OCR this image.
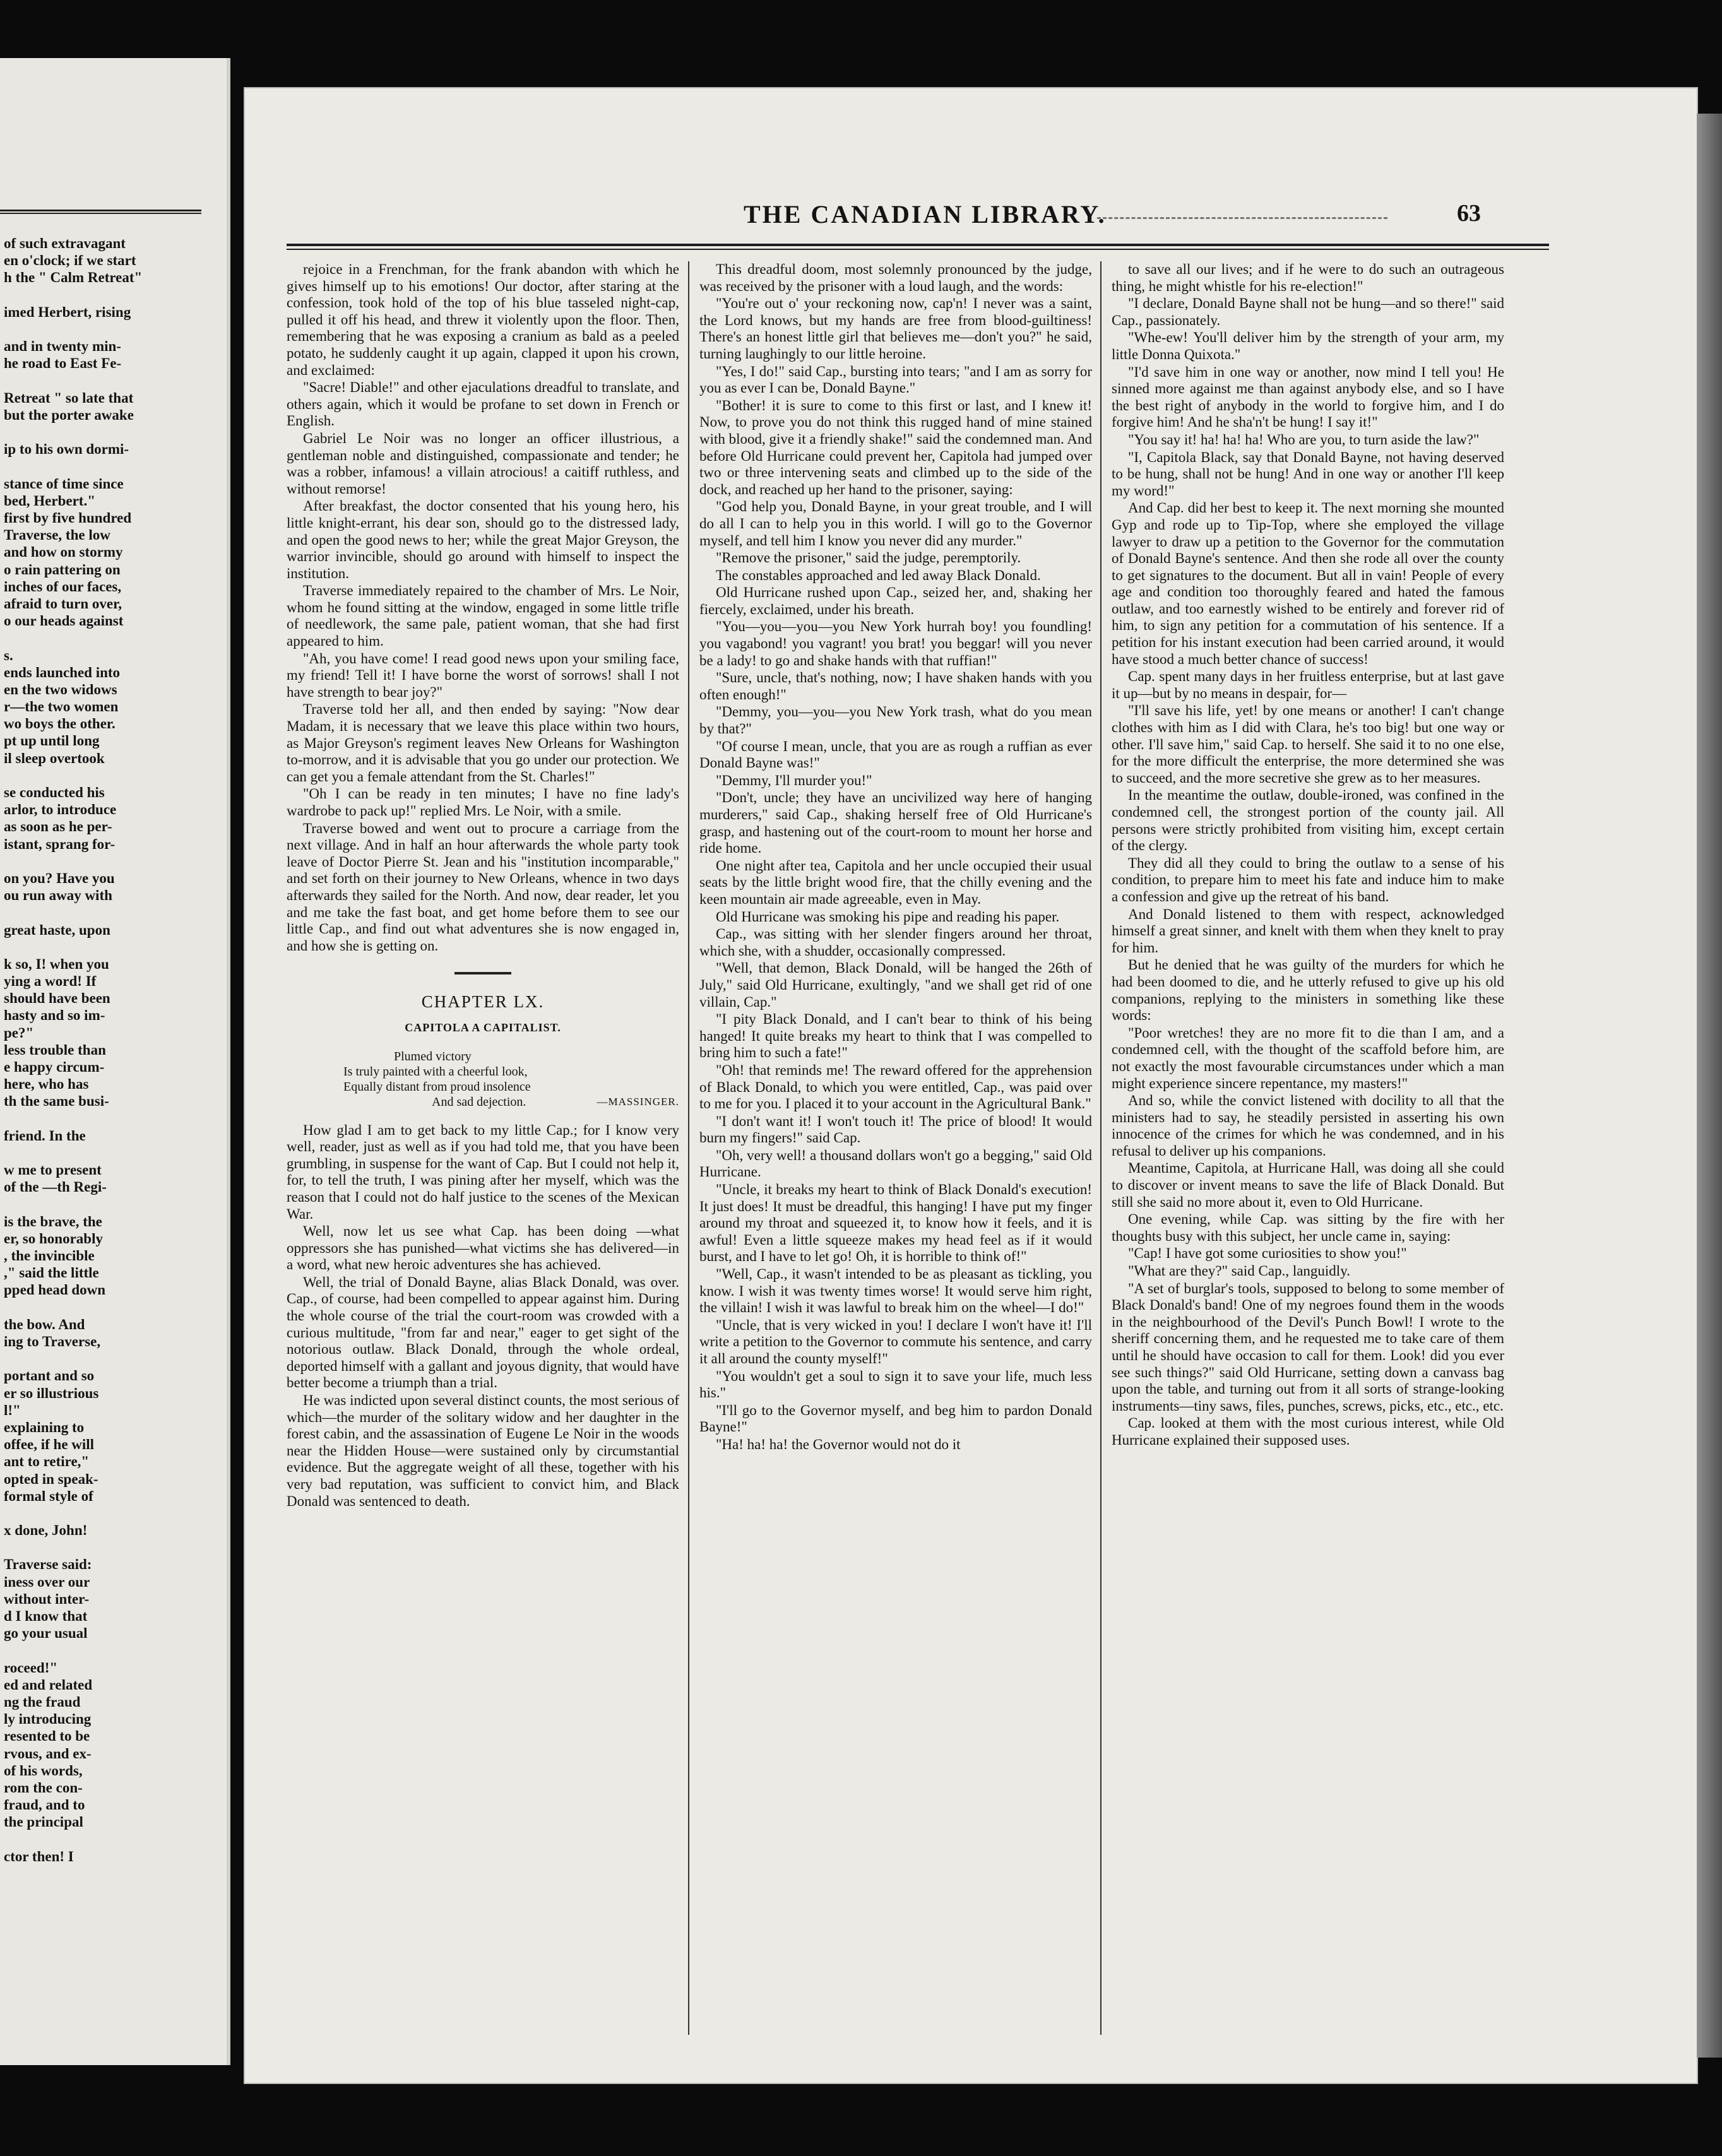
of such extravagant
en o'clock; if we start
h the " Calm Retreat"
imed Herbert, rising
and in twenty min-
he road to East Fe-
Retreat " so late that
but the porter awake
ip to his own dormi-
stance of time since
bed, Herbert."
first by five hundred
Traverse, the low
and how on stormy
o rain pattering on
inches of our faces,
afraid to turn over,
o our heads against
s.
ends launched into
en the two widows
r—the two women
wo boys the other.
pt up until long
il sleep overtook
se conducted his
arlor, to introduce
as soon as he per-
istant, sprang for-
on you? Have you
ou run away with
great haste, upon
k so, I! when you
ying a word! If
should have been
hasty and so im-
pe?"
less trouble than
e happy circum-
here, who has
th the same busi-
friend. In the
w me to present
of the —th Regi-
is the brave, the
er, so honorably
, the invincible
," said the little
pped head down
the bow. And
ing to Traverse,
portant and so
er so illustrious
l!"
explaining to
offee, if he will
ant to retire,"
opted in speak-
formal style of
x done, John!
Traverse said:
iness over our
without inter-
d I know that
go your usual
roceed!"
ed and related
ng the fraud
ly introducing
resented to be
rvous, and ex-
of his words,
rom the con-
fraud, and to
the principal
ctor then! I
THE CANADIAN LIBRARY.	63
rejoice in a Frenchman, for the frank abandon with which he gives himself up to his emotions! Our doctor, after staring at the confession, took hold of the top of his blue tasseled night-cap, pulled it off his head, and threw it violently upon the floor. Then, remembering that he was exposing a cranium as bald as a peeled potato, he suddenly caught it up again, clapped it upon his crown, and exclaimed:
"Sacre! Diable!" and other ejaculations dreadful to translate, and others again, which it would be profane to set down in French or English.
Gabriel Le Noir was no longer an officer illustrious, a gentleman noble and distinguished, compassionate and tender; he was a robber, infamous! a villain atrocious! a caitiff ruthless, and without remorse!
After breakfast, the doctor consented that his young hero, his little knight-errant, his dear son, should go to the distressed lady, and open the good news to her; while the great Major Greyson, the warrior invincible, should go around with himself to inspect the institution.
Traverse immediately repaired to the chamber of Mrs. Le Noir, whom he found sitting at the window, engaged in some little trifle of needlework, the same pale, patient woman, that she had first appeared to him.
"Ah, you have come! I read good news upon your smiling face, my friend! Tell it! I have borne the worst of sorrows! shall I not have strength to bear joy?"
Traverse told her all, and then ended by saying: "Now dear Madam, it is necessary that we leave this place within two hours, as Major Greyson's regiment leaves New Orleans for Washington to-morrow, and it is advisable that you go under our protection. We can get you a female attendant from the St. Charles!"
"Oh I can be ready in ten minutes; I have no fine lady's wardrobe to pack up!" replied Mrs. Le Noir, with a smile.
Traverse bowed and went out to procure a carriage from the next village. And in half an hour afterwards the whole party took leave of Doctor Pierre St. Jean and his "institution incomparable," and set forth on their journey to New Orleans, whence in two days afterwards they sailed for the North. And now, dear reader, let you and me take the fast boat, and get home before them to see our little Cap., and find out what adventures she is now engaged in, and how she is getting on.
CHAPTER LX.
CAPITOLA A CAPITALIST.
Plumed victory
Is truly painted with a cheerful look,
Equally distant from proud insolence
And sad dejection.	—MASSINGER.
How glad I am to get back to my little Cap.; for I know very well, reader, just as well as if you had told me, that you have been grumbling, in suspense for the want of Cap. But I could not help it, for, to tell the truth, I was pining after her myself, which was the reason that I could not do half justice to the scenes of the Mexican War.
Well, now let us see what Cap. has been doing —what oppressors she has punished—what victims she has delivered—in a word, what new heroic adventures she has achieved.
Well, the trial of Donald Bayne, alias Black Donald, was over. Cap., of course, had been compelled to appear against him. During the whole course of the trial the court-room was crowded with a curious multitude, "from far and near," eager to get sight of the notorious outlaw. Black Donald, through the whole ordeal, deported himself with a gallant and joyous dignity, that would have better become a triumph than a trial.
He was indicted upon several distinct counts, the most serious of which—the murder of the solitary widow and her daughter in the forest cabin, and the assassination of Eugene Le Noir in the woods near the Hidden House—were sustained only by circumstantial evidence. But the aggregate weight of all these, together with his very bad reputation, was sufficient to convict him, and Black Donald was sentenced to death.
This dreadful doom, most solemnly pronounced by the judge, was received by the prisoner with a loud laugh, and the words:
"You're out o' your reckoning now, cap'n! I never was a saint, the Lord knows, but my hands are free from blood-guiltiness! There's an honest little girl that believes me—don't you?" he said, turning laughingly to our little heroine.
"Yes, I do!" said Cap., bursting into tears; "and I am as sorry for you as ever I can be, Donald Bayne."
"Bother! it is sure to come to this first or last, and I knew it! Now, to prove you do not think this rugged hand of mine stained with blood, give it a friendly shake!" said the condemned man. And before Old Hurricane could prevent her, Capitola had jumped over two or three intervening seats and climbed up to the side of the dock, and reached up her hand to the prisoner, saying:
"God help you, Donald Bayne, in your great trouble, and I will do all I can to help you in this world. I will go to the Governor myself, and tell him I know you never did any murder."
"Remove the prisoner," said the judge, peremptorily.
The constables approached and led away Black Donald.
Old Hurricane rushed upon Cap., seized her, and, shaking her fiercely, exclaimed, under his breath.
"You—you—you—you New York hurrah boy! you foundling! you vagabond! you vagrant! you brat! you beggar! will you never be a lady! to go and shake hands with that ruffian!"
"Sure, uncle, that's nothing, now; I have shaken hands with you often enough!"
"Demmy, you—you—you New York trash, what do you mean by that?"
"Of course I mean, uncle, that you are as rough a ruffian as ever Donald Bayne was!"
"Demmy, I'll murder you!"
"Don't, uncle; they have an uncivilized way here of hanging murderers," said Cap., shaking herself free of Old Hurricane's grasp, and hastening out of the court-room to mount her horse and ride home.
One night after tea, Capitola and her uncle occupied their usual seats by the little bright wood fire, that the chilly evening and the keen mountain air made agreeable, even in May.
Old Hurricane was smoking his pipe and reading his paper.
Cap., was sitting with her slender fingers around her throat, which she, with a shudder, occasionally compressed.
"Well, that demon, Black Donald, will be hanged the 26th of July," said Old Hurricane, exultingly, "and we shall get rid of one villain, Cap."
"I pity Black Donald, and I can't bear to think of his being hanged! It quite breaks my heart to think that I was compelled to bring him to such a fate!"
"Oh! that reminds me! The reward offered for the apprehension of Black Donald, to which you were entitled, Cap., was paid over to me for you. I placed it to your account in the Agricultural Bank."
"I don't want it! I won't touch it! The price of blood! It would burn my fingers!" said Cap.
"Oh, very well! a thousand dollars won't go a begging," said Old Hurricane.
"Uncle, it breaks my heart to think of Black Donald's execution! It just does! It must be dreadful, this hanging! I have put my finger around my throat and squeezed it, to know how it feels, and it is awful! Even a little squeeze makes my head feel as if it would burst, and I have to let go! Oh, it is horrible to think of!"
"Well, Cap., it wasn't intended to be as pleasant as tickling, you know. I wish it was twenty times worse! It would serve him right, the villain! I wish it was lawful to break him on the wheel—I do!"
"Uncle, that is very wicked in you! I declare I won't have it! I'll write a petition to the Governor to commute his sentence, and carry it all around the county myself!"
"You wouldn't get a soul to sign it to save your life, much less his."
"I'll go to the Governor myself, and beg him to pardon Donald Bayne!"
"Ha! ha! ha! the Governor would not do it
to save all our lives; and if he were to do such an outrageous thing, he might whistle for his re-election!"
"I declare, Donald Bayne shall not be hung—and so there!" said Cap., passionately.
"Whe-ew! You'll deliver him by the strength of your arm, my little Donna Quixota."
"I'd save him in one way or another, now mind I tell you! He sinned more against me than against anybody else, and so I have the best right of anybody in the world to forgive him, and I do forgive him! And he sha'n't be hung! I say it!"
"You say it! ha! ha! ha! Who are you, to turn aside the law?"
"I, Capitola Black, say that Donald Bayne, not having deserved to be hung, shall not be hung! And in one way or another I'll keep my word!"
And Cap. did her best to keep it. The next morning she mounted Gyp and rode up to Tip-Top, where she employed the village lawyer to draw up a petition to the Governor for the commutation of Donald Bayne's sentence. And then she rode all over the county to get signatures to the document. But all in vain! People of every age and condition too thoroughly feared and hated the famous outlaw, and too earnestly wished to be entirely and forever rid of him, to sign any petition for a commutation of his sentence. If a petition for his instant execution had been carried around, it would have stood a much better chance of success!
Cap. spent many days in her fruitless enterprise, but at last gave it up—but by no means in despair, for—
"I'll save his life, yet! by one means or another! I can't change clothes with him as I did with Clara, he's too big! but one way or other. I'll save him," said Cap. to herself. She said it to no one else, for the more difficult the enterprise, the more determined she was to succeed, and the more secretive she grew as to her measures.
In the meantime the outlaw, double-ironed, was confined in the condemned cell, the strongest portion of the county jail. All persons were strictly prohibited from visiting him, except certain of the clergy.
They did all they could to bring the outlaw to a sense of his condition, to prepare him to meet his fate and induce him to make a confession and give up the retreat of his band.
And Donald listened to them with respect, acknowledged himself a great sinner, and knelt with them when they knelt to pray for him.
But he denied that he was guilty of the murders for which he had been doomed to die, and he utterly refused to give up his old companions, replying to the ministers in something like these words:
"Poor wretches! they are no more fit to die than I am, and a condemned cell, with the thought of the scaffold before him, are not exactly the most favourable circumstances under which a man might experience sincere repentance, my masters!"
And so, while the convict listened with docility to all that the ministers had to say, he steadily persisted in asserting his own innocence of the crimes for which he was condemned, and in his refusal to deliver up his companions.
Meantime, Capitola, at Hurricane Hall, was doing all she could to discover or invent means to save the life of Black Donald. But still she said no more about it, even to Old Hurricane.
One evening, while Cap. was sitting by the fire with her thoughts busy with this subject, her uncle came in, saying:
"Cap! I have got some curiosities to show you!"
"What are they?" said Cap., languidly.
"A set of burglar's tools, supposed to belong to some member of Black Donald's band! One of my negroes found them in the woods in the neighbourhood of the Devil's Punch Bowl! I wrote to the sheriff concerning them, and he requested me to take care of them until he should have occasion to call for them. Look! did you ever see such things?" said Old Hurricane, setting down a canvass bag upon the table, and turning out from it all sorts of strange-looking instruments—tiny saws, files, punches, screws, picks, etc., etc., etc.
Cap. looked at them with the most curious interest, while Old Hurricane explained their supposed uses.
